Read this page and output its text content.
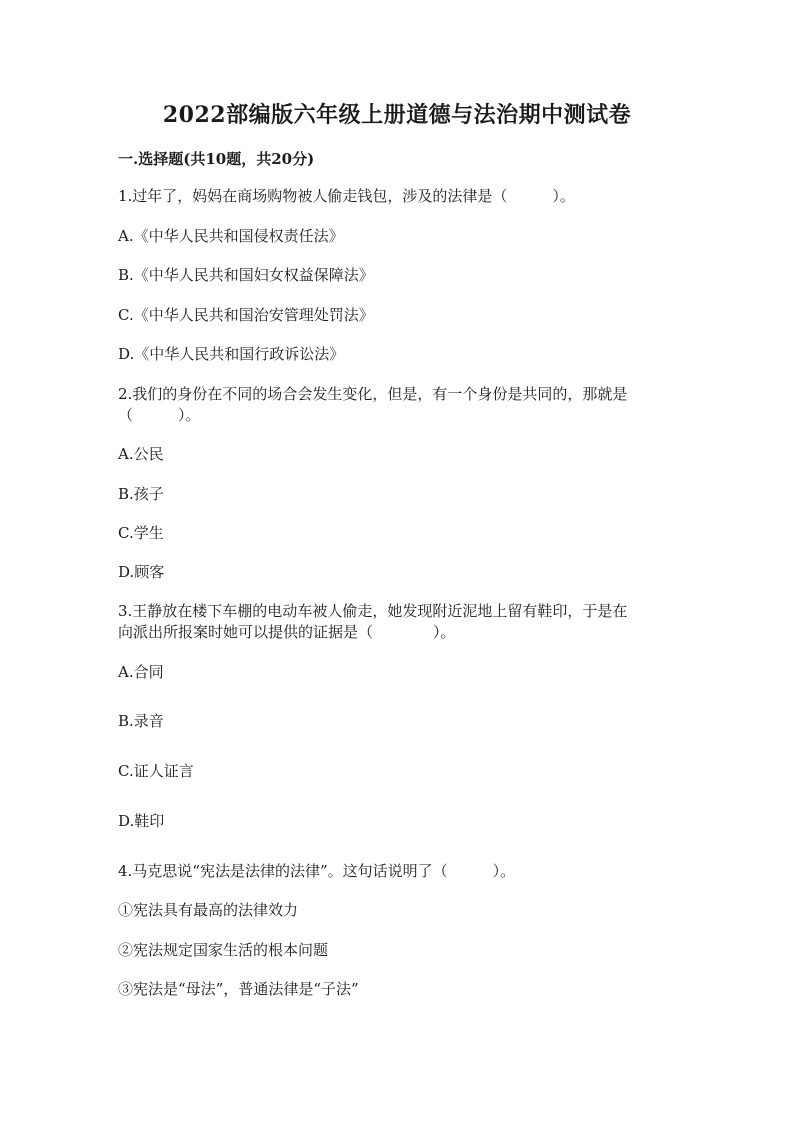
2022部编版六年级上册道德与法治期中测试卷
一.选择题(共10题，共20分)
1.过年了，妈妈在商场购物被人偷走钱包，涉及的法律是（　　　）。
A.《中华人民共和国侵权责任法》
B.《中华人民共和国妇女权益保障法》
C.《中华人民共和国治安管理处罚法》
D.《中华人民共和国行政诉讼法》
2.我们的身份在不同的场合会发生变化，但是，有一个身份是共同的，那就是
（　　　）。
A.公民
B.孩子
C.学生
D.顾客
3.王静放在楼下车棚的电动车被人偷走，她发现附近泥地上留有鞋印，于是在
向派出所报案时她可以提供的证据是（　　　　）。
A.合同
B.录音
C.证人证言
D.鞋印
4.马克思说“宪法是法律的法律”。这句话说明了（　　　）。
①宪法具有最高的法律效力
②宪法规定国家生活的根本问题
③宪法是“母法”，普通法律是“子法”
